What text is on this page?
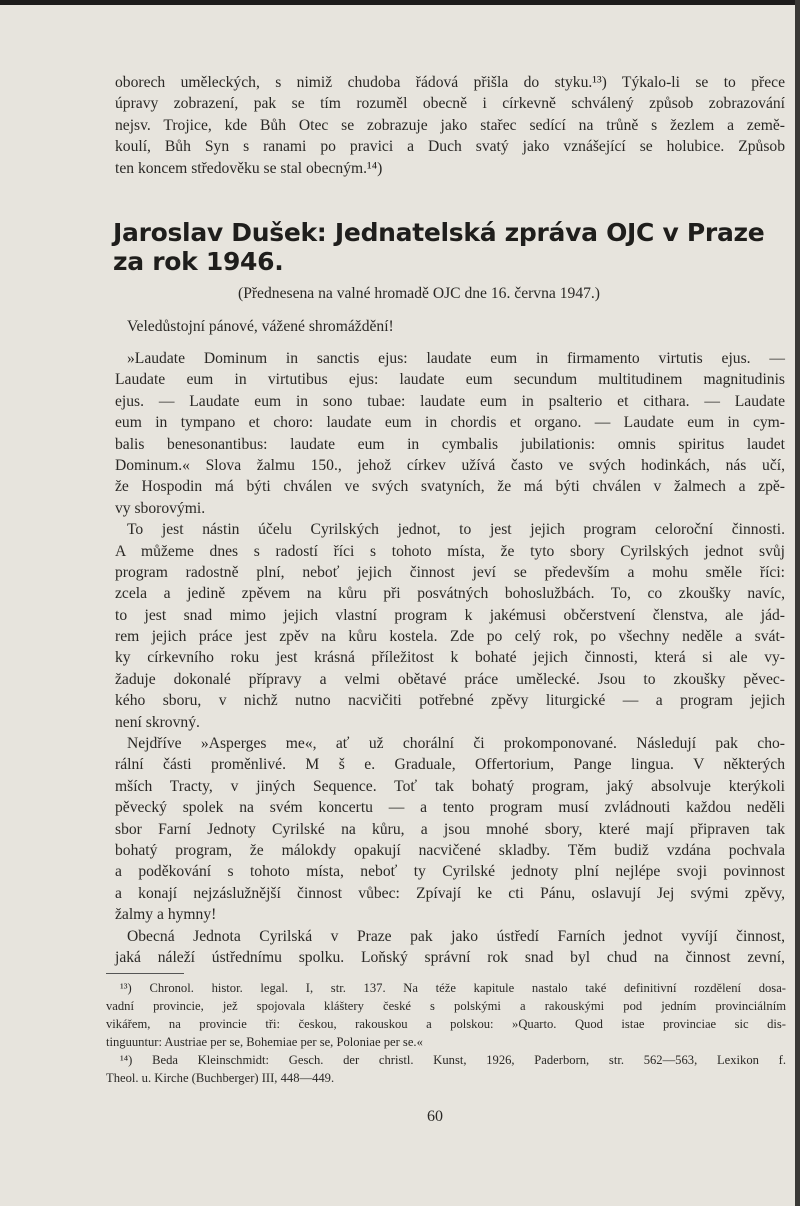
oborech uměleckých, s nimiž chudoba řádová přišla do styku.¹³) Týkalo-li se to přece
úpravy zobrazení, pak se tím rozuměl obecně i církevně schválený způsob zobrazování
nejsv. Trojice, kde Bůh Otec se zobrazuje jako stařec sedící na trůně s žezlem a země-
koulí, Bůh Syn s ranami po pravici a Duch svatý jako vznášející se holubice. Způsob
ten koncem středověku se stal obecným.¹⁴)
Jaroslav Dušek: Jednatelská zpráva OJC v Praze
za rok 1946.
(Přednesena na valné hromadě OJC dne 16. června 1947.)
Veledůstojní pánové, vážené shromáždění!
»Laudate Dominum in sanctis ejus: laudate eum in firmamento virtutis ejus. —
Laudate eum in virtutibus ejus: laudate eum secundum multitudinem magnitudinis
ejus. — Laudate eum in sono tubae: laudate eum in psalterio et cithara. — Laudate
eum in tympano et choro: laudate eum in chordis et organo. — Laudate eum in cym-
balis benesonantibus: laudate eum in cymbalis jubilationis: omnis spiritus laudet
Dominum.« Slova žalmu 150., jehož církev užívá často ve svých hodinkách, nás učí,
že Hospodin má býti chválen ve svých svatyních, že má býti chválen v žalmech a zpě-
vy sborovými.
To jest nástin účelu Cyrilských jednot, to jest jejich program celoroční činnosti.
A můžeme dnes s radostí říci s tohoto místa, že tyto sbory Cyrilských jednot svůj
program radostně plní, neboť jejich činnost jeví se především a mohu směle říci:
zcela a jedině zpěvem na kůru při posvátných bohoslužbách. To, co zkoušky navíc,
to jest snad mimo jejich vlastní program k jakémusi občerstvení členstva, ale jád-
rem jejich práce jest zpěv na kůru kostela. Zde po celý rok, po všechny neděle a svát-
ky církevního roku jest krásná příležitost k bohaté jejich činnosti, která si ale vy-
žaduje dokonalé přípravy a velmi obětavé práce umělecké. Jsou to zkoušky pěvec-
kého sboru, v nichž nutno nacvičiti potřebné zpěvy liturgické — a program jejich
není skrovný.
Nejdříve »Asperges me«, ať už chorální či prokomponované. Následují pak cho-
rální části proměnlivé. M š e. Graduale, Offertorium, Pange lingua. V některých
mších Tracty, v jiných Sequence. Toť tak bohatý program, jaký absolvuje kterýkoli
pěvecký spolek na svém koncertu — a tento program musí zvládnouti každou neděli
sbor Farní Jednoty Cyrilské na kůru, a jsou mnohé sbory, které mají připraven tak
bohatý program, že málokdy opakují nacvičené skladby. Těm budiž vzdána pochvala
a poděkování s tohoto místa, neboť ty Cyrilské jednoty plní nejlépe svoji povinnost
a konají nejzáslužnější činnost vůbec: Zpívají ke cti Pánu, oslavují Jej svými zpěvy,
žalmy a hymny!
Obecná Jednota Cyrilská v Praze pak jako ústředí Farních jednot vyvíjí činnost,
jaká náleží ústřednímu spolku. Loňský správní rok snad byl chud na činnost zevní,
¹³) Chronol. histor. legal. I, str. 137. Na téže kapitule nastalo také definitivní rozdělení dosa-
vadní provincie, jež spojovala kláštery české s polskými a rakouskými pod jedním provinciálním
vikářem, na provincie tři: českou, rakouskou a polskou: »Quarto. Quod istae provinciae sic dis-
tinguuntur: Austriae per se, Bohemiae per se, Poloniae per se.«
¹⁴) Beda Kleinschmidt: Gesch. der christl. Kunst, 1926, Paderborn, str. 562—563, Lexikon f.
Theol. u. Kirche (Buchberger) III, 448—449.
60
